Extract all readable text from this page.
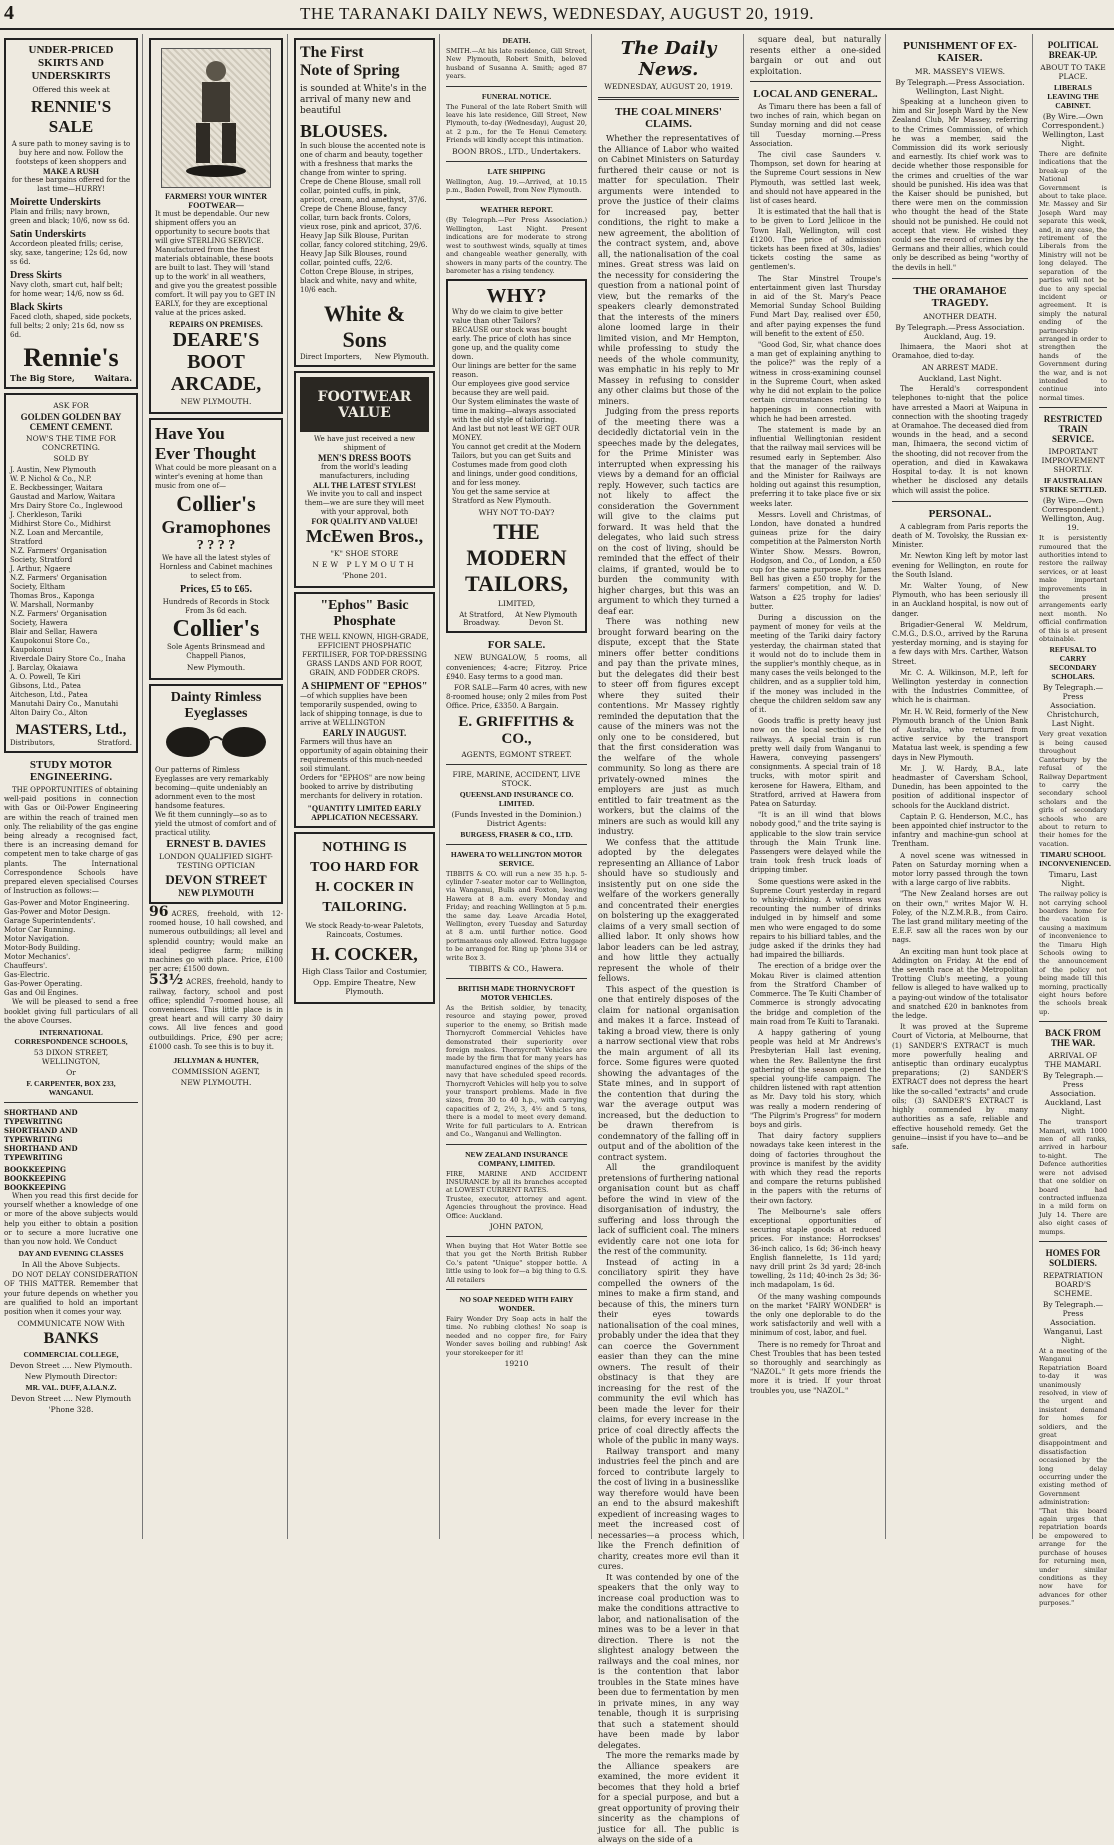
4	THE TARANAKI DAILY NEWS, WEDNESDAY, AUGUST 20, 1919.
UNDER-PRICED SKIRTS AND UNDERSKIRTS
Offered this week at
RENNIE'S SALE
A sure path to money saving is to buy here and now. Follow the footsteps of keen shoppers and
MAKE A RUSH
for these bargains offered for the last time—HURRY!
Moirette Underskirts
Plain and frills; navy brown, green and black; 10/6, now ss 6d.
Satin Underskirts
Accordeon pleated frills; cerise, sky, saxe, tangerine; 12s 6d, now ss 6d.
Dress Skirts
Navy cloth, smart cut, half belt; for home wear; 14/6, now ss 6d.
Black Skirts
Faced cloth, shaped, side pockets, full belts; 2 only; 21s 6d, now ss 6d.
Rennie's
The Big Store, Waitara.
ASK FOR
GOLDEN GOLDEN BAY CEMENT CEMENT.
NOW'S THE TIME FOR CONCRETING.
SOLD BY
J. Austin, New Plymouth
W. P. Nichol & Co., N.P.
E. Beckbessinger, Waitara
Gaustad and Marlow, Waitara
Mrs Dairy Store Co., Inglewood
J. Cherkleson, Tariki
Midhirst Store Co., Midhirst
N.Z. Loan and Mercantile, Stratford
N.Z. Farmers' Organisation Society, Stratford
J. Arthur, Ngaere
N.Z. Farmers' Organisation Society, Eltham
Thomas Bros., Kaponga
W. Marshall, Normanby
N.Z. Farmers' Organisation Society, Hawera
Blair and Sellar, Hawera
Kaupokonui Store Co., Kaupokonui
Riverdale Dairy Store Co., Inaha
J. Barclay, Okaiawa
A. O. Powell, Te Kiri
Gibsons, Ltd., Patea
Aitcheson, Ltd., Patea
Manutahi Dairy Co., Manutahi
Alton Dairy Co., Alton
MASTERS, Ltd.,
Distributors,	Stratford.
STUDY MOTOR ENGINEERING.
THE OPPORTUNITIES of obtaining well-paid positions in connection with Gas or Oil-Power Engineering are within the reach of trained men only. The reliability of the gas engine being already a recognised fact, there is an increasing demand for competent men to take charge of gas plants. The International Correspondence Schools have prepared eleven specialised Courses of Instruction as follows:—
Gas-Power and Motor Engineering.
Gas-Power and Motor Design.
Garage Superintendents'.
Motor Car Running.
Motor Navigation.
Motor-Body Building.
Motor Mechanics'.
Chauffeurs'.
Gas-Electric.
Gas-Power Operating.
Gas and Oil Engines.
We will be pleased to send a free booklet giving full particulars of all the above Courses.
INTERNATIONAL CORRESPONDENCE SCHOOLS,
53 DIXON STREET, WELLINGTON,
Or
F. CARPENTER, BOX 233, WANGANUI.
SHORTHAND AND TYPEWRITING
SHORTHAND AND TYPEWRITING
SHORTHAND AND TYPEWRITING
BOOKKEEPING
BOOKKEEPING
BOOKKEEPING
When you read this first decide for yourself whether a knowledge of one or more of the above subjects would help you either to obtain a position or to secure a more lucrative one than you now hold. We Conduct
DAY AND EVENING CLASSES
In All the Above Subjects.
DO NOT DELAY CONSIDERATION OF THIS MATTER. Remember that your future depends on whether you are qualified to hold an important position when it comes your way.
COMMUNICATE NOW With
BANKS
COMMERCIAL COLLEGE,
Devon Street .... New Plymouth.
New Plymouth Director:
MR. VAL. DUFF, A.I.A.N.Z.
Devon Street .... New Plymouth
'Phone 328.
FARMERS! YOUR WINTER FOOTWEAR—
It must be dependable. Our new shipment offers you an opportunity to secure boots that will give STERLING SERVICE. Manufactured from the finest materials obtainable, these boots are built to last. They will 'stand up to the work' in all weathers, and give you the greatest possible comfort. It will pay you to GET IN EARLY, for they are exceptional value at the prices asked.
REPAIRS ON PREMISES.
DEARE'S BOOT ARCADE,
NEW PLYMOUTH.
Have You
Ever Thought
What could be more pleasant on a winter's evening at home than music from one of—
Collier's
Gramophones
? ? ? ?
We have all the latest styles of Hornless and Cabinet machines to select from.
Prices, £5 to £65.
Hundreds of Records in Stock From 3s 6d each.
Collier's
Sole Agents Brinsmead and Chappell Pianos,
New Plymouth.
Dainty Rimless Eyeglasses
Our patterns of Rimless Eyeglasses are very remarkably becoming—quite undeniably an adornment even to the most handsome features.
We fit them cunningly—so as to yield the utmost of comfort and of practical utility.
ERNEST B. DAVIES
LONDON QUALIFIED SIGHT-TESTING OPTICIAN
DEVON STREET
NEW PLYMOUTH
96 ACRES, freehold, with 12-roomed house, 10 hall cowshed, and numerous outbuildings; all level and splendid country; would make an ideal pedigree farm; milking machines go with place. Price, £100 per acre; £1500 down.
53½ ACRES, freehold, handy to railway, factory, school and post office; splendid 7-roomed house, all conveniences. This little place is in great heart and will carry 30 dairy cows. All live fences and good outbuildings. Price, £90 per acre; £1000 cash. To see this is to buy it.
JELLYMAN & HUNTER,
COMMISSION AGENT,
NEW PLYMOUTH.
The First
Note of Spring
is sounded at White's in the arrival of many new and beautiful
BLOUSES.
In such blouse the accented note is one of charm and beauty, together with a freshness that marks the change from winter to spring.
Crepe de Chene Blouse, small roll collar, pointed cuffs, in pink, apricot, cream, and amethyst, 37/6.
Crepe de Chene Blouse, fancy collar, turn back fronts. Colors, vieux rose, pink and apricot, 37/6.
Heavy Jap Silk Blouse, Puritan collar, fancy colored stitching, 29/6.
Heavy Jap Silk Blouses, round collar, pointed cuffs, 22/6.
Cotton Crepe Blouse, in stripes, black and white, navy and white, 10/6 each.
White & Sons
Direct Importers, New Plymouth.
FOOTWEAR VALUE
We have just received a new shipment of
MEN'S DRESS BOOTS
from the world's leading manufacturers, including
ALL THE LATEST STYLES!
We invite you to call and inspect them—we are sure they will meet with your approval, both
FOR QUALITY AND VALUE!
McEwen Bros.,
"K" SHOE STORE
NEW PLYMOUTH
'Phone 201.
"Ephos" Basic Phosphate
THE WELL KNOWN, HIGH-GRADE, EFFICIENT PHOSPHATIC FERTILISER, FOR TOP-DRESSING GRASS LANDS AND FOR ROOT, GRAIN, AND FODDER CROPS.
A SHIPMENT OF "EPHOS"
—of which supplies have been temporarily suspended, owing to lack of shipping tonnage, is due to arrive at WELLINGTON
EARLY IN AUGUST.
Farmers will thus have an opportunity of again obtaining their requirements of this much-needed soil stimulant.
Orders for "EPHOS" are now being booked to arrive by distributing merchants for delivery in rotation.
"QUANTITY LIMITED EARLY APPLICATION NECESSARY.
NOTHING IS
TOO HARD FOR
H. COCKER IN
TAILORING.
We stock Ready-to-wear Paletots, Raincoats, Costumes.
H. COCKER,
High Class Tailor and Costumier,
Opp. Empire Theatre, New Plymouth.
DEATH.
SMITH.—At his late residence, Gill Street, New Plymouth, Robert Smith, beloved husband of Susanna A. Smith; aged 87 years.
FUNERAL NOTICE.
The Funeral of the late Robert Smith will leave his late residence, Gill Street, New Plymouth, to-day (Wednesday), August 20, at 2 p.m., for the Te Henui Cemetery. Friends will kindly accept this intimation.
BOON BROS., LTD., Undertakers.
LATE SHIPPING
Wellington, Aug. 19.—Arrived, at 10.15 p.m., Baden Powell, from New Plymouth.
WEATHER REPORT.
(By Telegraph.—Per Press Association.) Wellington, Last Night. Present indications are for moderate to strong west to southwest winds, squally at times and changeable weather generally, with showers in many parts of the country. The barometer has a rising tendency.
WHY?
Why do we claim to give better value than other Tailors?
BECAUSE our stock was bought early. The price of cloth has since gone up, and the quality come down.
Our linings are better for the same reason.
Our employees give good service because they are well paid.
Our System eliminates the waste of time in making—always associated with the old style of tailoring.
And last but not least WE GET OUR MONEY.
You cannot get credit at the Modern Tailors, but you can get Suits and Costumes made from good cloth and linings, under good conditions, and for less money.
You get the same service at Stratford as New Plymouth.
WHY NOT TO-DAY?
THE MODERN TAILORS,
LIMITED,
At Stratford, Broadway.
At New Plymouth Devon St.
FOR SALE.
NEW BUNGALOW, 5 rooms, all conveniences; 4-acre; Fitzroy. Price £940. Easy terms to a good man.
FOR SALE—Farm 40 acres, with new 8-roomed house; only 2 miles from Post Office. Price, £3350. A Bargain.
E. GRIFFITHS & CO.,
AGENTS, EGMONT STREET.
FIRE, MARINE, ACCIDENT, LIVE STOCK.
QUEENSLAND INSURANCE CO. LIMITED.
(Funds Invested in the Dominion.) District Agents:
BURGESS, FRASER & CO., LTD.
HAWERA TO WELLINGTON MOTOR SERVICE.
TIBBITS & CO. will run a new 35 h.p. 5-cylinder 7-seater motor car to Wellington, via Wanganui, Bulls and Foxton, leaving Hawera at 8 a.m. every Monday and Friday; and reaching Wellington at 5 p.m. the same day. Leave Arcadia Hotel, Wellington, every Tuesday and Saturday at 8 a.m. until further notice. Good portmanteaus only allowed. Extra luggage to be arranged for. Ring up 'phone 314 or write Box 3.
TIBBITS & CO., Hawera.
BRITISH MADE THORNYCROFT MOTOR VEHICLES.
As the British soldier, by tenacity, resource and staying power, proved superior to the enemy, so British made Thornycroft Commercial Vehicles have demonstrated their superiority over foreign makes. Thornycroft Vehicles are made by the firm that for many years has manufactured engines of the ships of the navy that have scheduled speed records. Thornycroft Vehicles will help you to solve your transport problems. Made in five sizes, from 30 to 40 h.p., with carrying capacities of 2, 2½, 3, 4½ and 5 tons, there is a model to meet every demand. Write for full particulars to A. Entrican and Co., Wanganui and Wellington.
NEW ZEALAND INSURANCE COMPANY, LIMITED.
FIRE, MARINE AND ACCIDENT INSURANCE by all its branches accepted at LOWEST CURRENT RATES.
Trustee, executor, attorney and agent. Agencies throughout the province. Head Office: Auckland.
JOHN PATON,
When buying that Hot Water Bottle see that you get the North British Rubber Co.'s patent "Unique" stopper bottle. A little using to look for—a big thing to G.S. All retailers
NO SOAP NEEDED WITH FAIRY WONDER.
Fairy Wonder Dry Soap acts in half the time. No rubbing clothes! No soap is needed and no copper fire, for Fairy Wonder saves boiling and rubbing! Ask your storekeeper for it!
19210
The Daily News.
WEDNESDAY, AUGUST 20, 1919.
THE COAL MINERS' CLAIMS.
Whether the representatives of the Alliance of Labor who waited on Cabinet Ministers on Saturday furthered their cause or not is matter for speculation. Their arguments were intended to prove the justice of their claims for increased pay, better conditions, the right to make a new agreement, the abolition of the contract system, and, above all, the nationalisation of the coal mines. Great stress was laid on the necessity for considering the question from a national point of view, but the remarks of the speakers clearly demonstrated that the interests of the miners alone loomed large in their limited vision, and Mr Hempton, while professing to study the needs of the whole community, was emphatic in his reply to Mr Massey in refusing to consider any other claims but those of the miners.
Judging from the press reports of the meeting there was a decidedly dictatorial vein in the speeches made by the delegates, for the Prime Minister was interrupted when expressing his views by a demand for an official reply. However, such tactics are not likely to affect the consideration the Government will give to the claims put forward. It was held that the delegates, who laid such stress on the cost of living, should be reminded that the effect of their claims, if granted, would be to burden the community with higher charges, but this was an argument to which they turned a deaf ear.
There was nothing new brought forward bearing on the dispute, except that the State miners offer better conditions and pay than the private mines, but the delegates did their best to steer off from figures except where they suited their contentions. Mr Massey rightly reminded the deputation that the cause of the miners was not the only one to be considered, but that the first consideration was the welfare of the whole community. So long as there are privately-owned mines the employers are just as much entitled to fair treatment as the workers, but the claims of the miners are such as would kill any industry.
We confess that the attitude adopted by the delegates representing an Alliance of Labor should have so studiously and insistently put on one side the welfare of the workers generally and concentrated their energies on bolstering up the exaggerated claims of a very small section of allied labor. It only shows how labor leaders can be led astray, and how little they actually represent the whole of their fellows.
This aspect of the question is one that entirely disposes of the claim for national organisation and makes it a farce. Instead of taking a broad view, there is only a narrow sectional view that robs the main argument of all its force. Some figures were quoted showing the advantages of the State mines, and in support of the contention that during the war the average output was increased, but the deduction to be drawn therefrom is condemnatory of the falling off in output and of the abolition of the contract system.
All the grandiloquent pretensions of furthering national organisation count but as chaff before the wind in view of the disorganisation of industry, the suffering and loss through the lack of sufficient coal. The miners evidently care not one iota for the rest of the community.
Instead of acting in a conciliatory spirit they have compelled the owners of the mines to make a firm stand, and because of this, the miners turn their eyes towards nationalisation of the coal mines, probably under the idea that they can coerce the Government easier than they can the mine owners. The result of their obstinacy is that they are increasing for the rest of the community the evil which has been made the lever for their claims, for every increase in the price of coal directly affects the whole of the public in many ways.
Railway transport and many industries feel the pinch and are forced to contribute largely to the cost of living in a businesslike way therefore would have been an end to the absurd makeshift expedient of increasing wages to meet the increased cost of necessaries—a process which, like the French definition of charity, creates more evil than it cures.
It was contended by one of the speakers that the only way to increase coal production was to make the conditions attractive to labor, and nationalisation of the mines was to be a lever in that direction. There is not the slightest analogy between the railways and the coal mines, nor is the contention that labor troubles in the State mines have been due to fermentation by men in private mines, in any way tenable, though it is surprising that such a statement should have been made by labor delegates.
The more the remarks made by the Alliance speakers are examined, the more evident it becomes that they hold a brief for a special purpose, and but a great opportunity of proving their sincerity as the champions of justice for all. The public is always on the side of a
square deal, but naturally resents either a one-sided bargain or out and out exploitation.
LOCAL AND GENERAL.
As Timaru there has been a fall of two inches of rain, which began on Sunday morning and did not cease till Tuesday morning.—Press Association.
The civil case Saunders v. Thompson, set down for hearing at the Supreme Court sessions in New Plymouth, was settled last week, and should not have appeared in the list of cases heard.
It is estimated that the hall that is to be given to Lord Jellicoe in the Town Hall, Wellington, will cost £1200. The price of admission tickets has been fixed at 30s, ladies' tickets costing the same as gentlemen's.
The Star Minstrel Troupe's entertainment given last Thursday in aid of the St. Mary's Peace Memorial Sunday School Building Fund Mart Day, realised over £50, and after paying expenses the fund will benefit to the extent of £50.
"Good God, Sir, what chance does a man get of explaining anything to the police?" was the reply of a witness in cross-examining counsel in the Supreme Court, when asked why he did not explain to the police certain circumstances relating to happenings in connection with which he had been arrested.
The statement is made by an influential Wellingtonian resident that the railway mail services will be resumed early in September. Also that the manager of the railways and the Minister for Railways are holding out against this resumption, preferring it to take place five or six weeks later.
Messrs. Lovell and Christmas, of London, have donated a hundred guineas prize for the dairy competition at the Palmerston North Winter Show. Messrs. Bowron, Hodgson, and Co., of London, a £50 cup for the same purpose. Mr. James Bell has given a £50 trophy for the farmers' competition, and W. D. Watson a £25 trophy for ladies' butter.
During a discussion on the payment of money for veils at the meeting of the Tariki dairy factory yesterday, the chairman stated that it would not do to include them in the supplier's monthly cheque, as in many cases the veils belonged to the children, and as a supplier told him, if the money was included in the cheque the children seldom saw any of it.
Goods traffic is pretty heavy just now on the local section of the railways. A special train is run pretty well daily from Wanganui to Hawera, conveying passengers' consignments. A special train of 18 trucks, with motor spirit and kerosene for Hawera, Eltham, and Stratford, arrived at Hawera from Patea on Saturday.
"It is an ill wind that blows nobody good," and the trite saying is applicable to the slow train service through the Main Trunk line. Passengers were delayed while the train took fresh truck loads of dripping timber.
Some questions were asked in the Supreme Court yesterday in regard to whisky-drinking. A witness was recounting the number of drinks indulged in by himself and some men who were engaged to do some repairs to his billiard tables, and the judge asked if the drinks they had had impaired the billiards.
The erection of a bridge over the Mokau River is claimed attention from the Stratford Chamber of Commerce. The Te Kuiti Chamber of Commerce is strongly advocating the bridge and completion of the main road from Te Kuiti to Taranaki.
A happy gathering of young people was held at Mr Andrews's Presbyterian Hall last evening, when the Rev. Ballentyne the first gathering of the season opened the special young-life campaign. The children listened with rapt attention as Mr. Davy told his story, which was really a modern rendering of "The Pilgrim's Progress" for modern boys and girls.
That dairy factory suppliers nowadays take keen interest in the doing of factories throughout the province is manifest by the avidity with which they read the reports and compare the returns published in the papers with the returns of their own factory.
The Melbourne's sale offers exceptional opportunities of securing staple goods at reduced prices. For instance: Horrockses' 36-inch calico, 1s 6d; 36-inch heavy English flannelette, 1s 11d yard; navy drill print 2s 3d yard; 28-inch towelling, 2s 11d; 40-inch 2s 3d; 36-inch madapolam, 1s 6d.
Of the many washing compounds on the market "FAIRY WONDER" is the only one deplorable to do the work satisfactorily and well with a minimum of cost, labor, and fuel.
There is no remedy for Throat and Chest Troubles that has been tested so thoroughly and searchingly as "NAZOL." It gets more friends the more it is tried. If your throat troubles you, use "NAZOL."
PUNISHMENT OF EX-KAISER.
MR. MASSEY'S VIEWS.
By Telegraph.—Press Association. Wellington, Last Night.
Speaking at a luncheon given to him and Sir Joseph Ward by the New Zealand Club, Mr Massey, referring to the Crimes Commission, of which he was a member, said the Commission did its work seriously and earnestly. Its chief work was to decide whether those responsible for the crimes and cruelties of the war should be punished. His idea was that the Kaiser should be punished, but there were men on the commission who thought the head of the State should not be punished. He could not accept that view. He wished they could see the record of crimes by the Germans and their allies, which could only be described as being "worthy of the devils in hell."
THE ORAMAHOE TRAGEDY.
ANOTHER DEATH.
By Telegraph.—Press Association. Auckland, Aug. 19.
Ihimaera, the Maori shot at Oramahoe, died to-day.
AN ARREST MADE.
Auckland, Last Night.
The Herald's correspondent telephones to-night that the police have arrested a Maori at Waipuna in connection with the shooting tragedy at Oramahoe. The deceased died from wounds in the head, and a second man, Ihimaera, the second victim of the shooting, did not recover from the operation, and died in Kawakawa Hospital to-day. It is not known whether he disclosed any details which will assist the police.
PERSONAL.
A cablegram from Paris reports the death of M. Tovolsky, the Russian ex-Minister.
Mr. Newton King left by motor last evening for Wellington, en route for the South Island.
Mr. Walter Young, of New Plymouth, who has been seriously ill in an Auckland hospital, is now out of danger.
Brigadier-General W. Meldrum, C.M.G., D.S.O., arrived by the Raruna yesterday morning, and is staying for a few days with Mrs. Carther, Watson Street.
Mr. C. A. Wilkinson, M.P., left for Wellington yesterday in connection with the Industries Committee, of which he is chairman.
Mr. H. W. Reid, formerly of the New Plymouth branch of the Union Bank of Australia, who returned from active service by the transport Matatua last week, is spending a few days in New Plymouth.
Mr. J. W. Hardy, B.A., late headmaster of Caversham School, Dunedin, has been appointed to the position of additional inspector of schools for the Auckland district.
Captain P. G. Henderson, M.C., has been appointed chief instructor to the infantry and machine-gun school at Trentham.
A novel scene was witnessed in Paten on Saturday morning when a motor lorry passed through the town with a large cargo of live rabbits.
"The New Zealand horses are out on their own," writes Major W. H. Foley, of the N.Z.M.R.B., from Cairo. The last grand military meeting of the E.E.F. saw all the races won by our nags.
An exciting man hunt took place at Addington on Friday. At the end of the seventh race at the Metropolitan Trotting Club's meeting, a young fellow is alleged to have walked up to a paying-out window of the totalisator and snatched £20 in banknotes from the ledge.
It was proved at the Supreme Court of Victoria, at Melbourne, that (1) SANDER'S EXTRACT is much more powerfully healing and antiseptic than ordinary eucalyptus preparations; (2) SANDER'S EXTRACT does not depress the heart like the so-called "extracts" and crude oils; (3) SANDER'S EXTRACT is highly commended by many authorities as a safe, reliable and effective household remedy. Get the genuine—insist if you have to—and be safe.
POLITICAL BREAK-UP.
ABOUT TO TAKE PLACE.
LIBERALS LEAVING THE CABINET.
(By Wire.—Own Correspondent.) Wellington, Last Night.
There are definite indications that the break-up of the National Government is about to take place. Mr. Massey and Sir Joseph Ward may separate this week, and, in any case, the retirement of the Liberals from the Ministry will not be long delayed. The separation of the parties will not be due to any special incident or agreement. It is simply the natural ending of the partnership arranged in order to strengthen the hands of the Government during the war, and is not intended to continue into normal times.
RESTRICTED TRAIN SERVICE.
IMPORTANT IMPROVEMENT SHORTLY.
IF AUSTRALIAN STRIKE SETTLED.
(By Wire.—Own Correspondent.) Wellington, Aug. 19.
It is persistently rumoured that the authorities intend to restore the railway services, or at least make important improvements in the present arrangements early next month. No official confirmation of this is at present obtainable.
REFUSAL TO CARRY SECONDARY SCHOLARS.
By Telegraph.—Press Association. Christchurch, Last Night.
Very great vexation is being caused throughout Canterbury by the refusal of the Railway Department to carry the secondary school scholars and the girls of secondary schools who are about to return to their homes for the vacation.
TIMARU SCHOOL INCONVENIENCED.
Timaru, Last Night.
The railway policy is not carrying school boarders home for the vacation is causing a maximum of inconvenience to the Timaru High Schools owing to the announcement of the policy not being made till this morning, practically eight hours before the schools break up.
BACK FROM THE WAR.
ARRIVAL OF THE MAMARI.
By Telegraph.—Press Association. Auckland, Last Night.
The transport Mamari, with 1000 men of all ranks, arrived in harbour to-night. The Defence authorities were not advised that one soldier on board had contracted influenza in a mild form on July 14. There are also eight cases of mumps.
HOMES FOR SOLDIERS.
REPATRIATION BOARD'S SCHEME.
By Telegraph.—Press Association. Wanganui, Last Night.
At a meeting of the Wanganui Repatriation Board to-day it was unanimously resolved, in view of the urgent and insistent demand for homes for soldiers, and the great disappointment and dissatisfaction occasioned by the long delay occurring under the existing method of Government administration: "That this board again urges that repatriation boards be empowered to arrange for the purchase of houses for returning men, under similar conditions as they now have for advances for other purposes."
